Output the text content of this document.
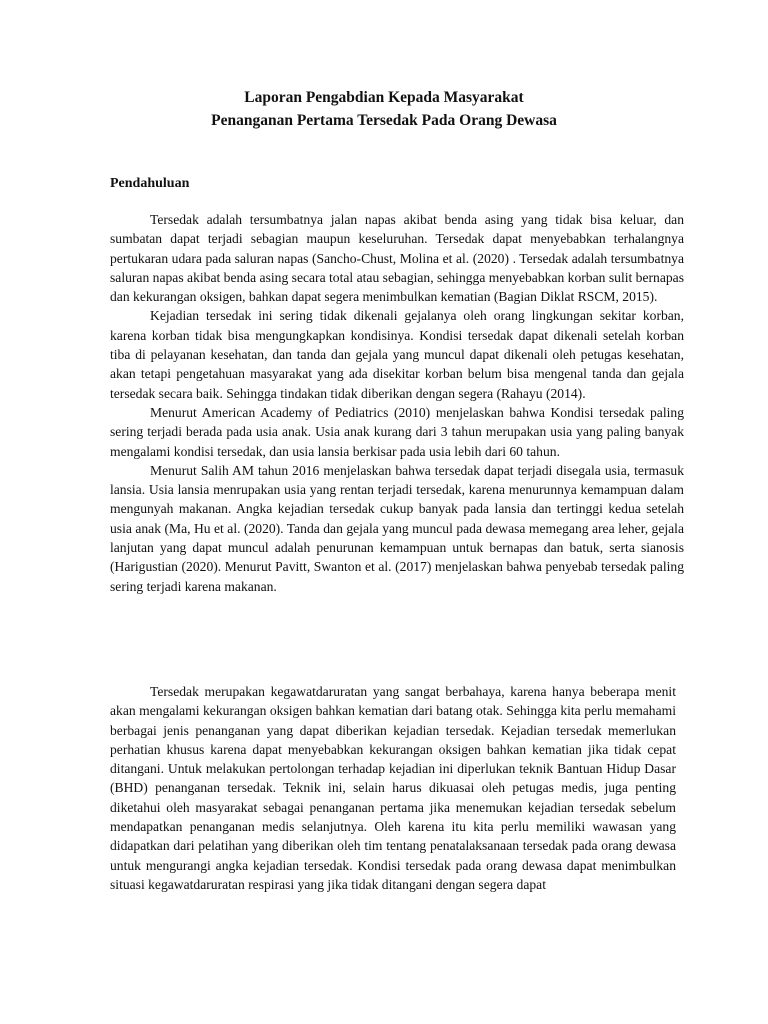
Laporan Pengabdian Kepada Masyarakat
Penanganan Pertama Tersedak Pada Orang Dewasa
Pendahuluan

Tersedak adalah tersumbatnya jalan napas akibat benda asing yang tidak bisa keluar, dan sumbatan dapat terjadi sebagian maupun keseluruhan. Tersedak dapat menyebabkan terhalangnya pertukaran udara pada saluran napas (Sancho-Chust, Molina et al. (2020) . Tersedak adalah tersumbatnya saluran napas akibat benda asing secara total atau sebagian, sehingga menyebabkan korban sulit bernapas dan kekurangan oksigen, bahkan dapat segera menimbulkan kematian (Bagian Diklat RSCM, 2015).

Kejadian tersedak ini sering tidak dikenali gejalanya oleh orang lingkungan sekitar korban, karena korban tidak bisa mengungkapkan kondisinya. Kondisi tersedak dapat dikenali setelah korban tiba di pelayanan kesehatan, dan tanda dan gejala yang muncul dapat dikenali oleh petugas kesehatan, akan tetapi pengetahuan masyarakat yang ada disekitar korban belum bisa mengenal tanda dan gejala tersedak secara baik. Sehingga tindakan tidak diberikan dengan segera (Rahayu (2014).

Menurut American Academy of Pediatrics (2010) menjelaskan bahwa Kondisi tersedak paling sering terjadi berada pada usia anak. Usia anak kurang dari 3 tahun merupakan usia yang paling banyak mengalami kondisi tersedak, dan usia lansia berkisar pada usia lebih dari 60 tahun.

Menurut Salih AM tahun 2016 menjelaskan bahwa tersedak dapat terjadi disegala usia, termasuk lansia. Usia lansia menrupakan usia yang rentan terjadi tersedak, karena menurunnya kemampuan dalam mengunyah makanan. Angka kejadian tersedak cukup banyak pada lansia dan tertinggi kedua setelah usia anak (Ma, Hu et al. (2020). Tanda dan gejala yang muncul pada dewasa memegang area leher, gejala lanjutan yang dapat muncul adalah penurunan kemampuan untuk bernapas dan batuk, serta sianosis (Harigustian (2020). Menurut Pavitt, Swanton et al. (2017) menjelaskan bahwa penyebab tersedak paling sering terjadi karena makanan.

Tersedak merupakan kegawatdaruratan yang sangat berbahaya, karena hanya beberapa menit akan mengalami kekurangan oksigen bahkan kematian dari batang otak. Sehingga kita perlu memahami berbagai jenis penanganan yang dapat diberikan kejadian tersedak. Kejadian tersedak memerlukan perhatian khusus karena dapat menyebabkan kekurangan oksigen bahkan kematian jika tidak cepat ditangani. Untuk melakukan pertolongan terhadap kejadian ini diperlukan teknik Bantuan Hidup Dasar (BHD) penanganan tersedak. Teknik ini, selain harus dikuasai oleh petugas medis, juga penting diketahui oleh masyarakat sebagai penanganan pertama jika menemukan kejadian tersedak sebelum mendapatkan penanganan medis selanjutnya. Oleh karena itu kita perlu memiliki wawasan yang didapatkan dari pelatihan yang diberikan oleh tim tentang penatalaksanaan tersedak pada orang dewasa untuk mengurangi angka kejadian tersedak. Kondisi tersedak pada orang dewasa dapat menimbulkan situasi kegawatdaruratan respirasi yang jika tidak ditangani dengan segera dapat
